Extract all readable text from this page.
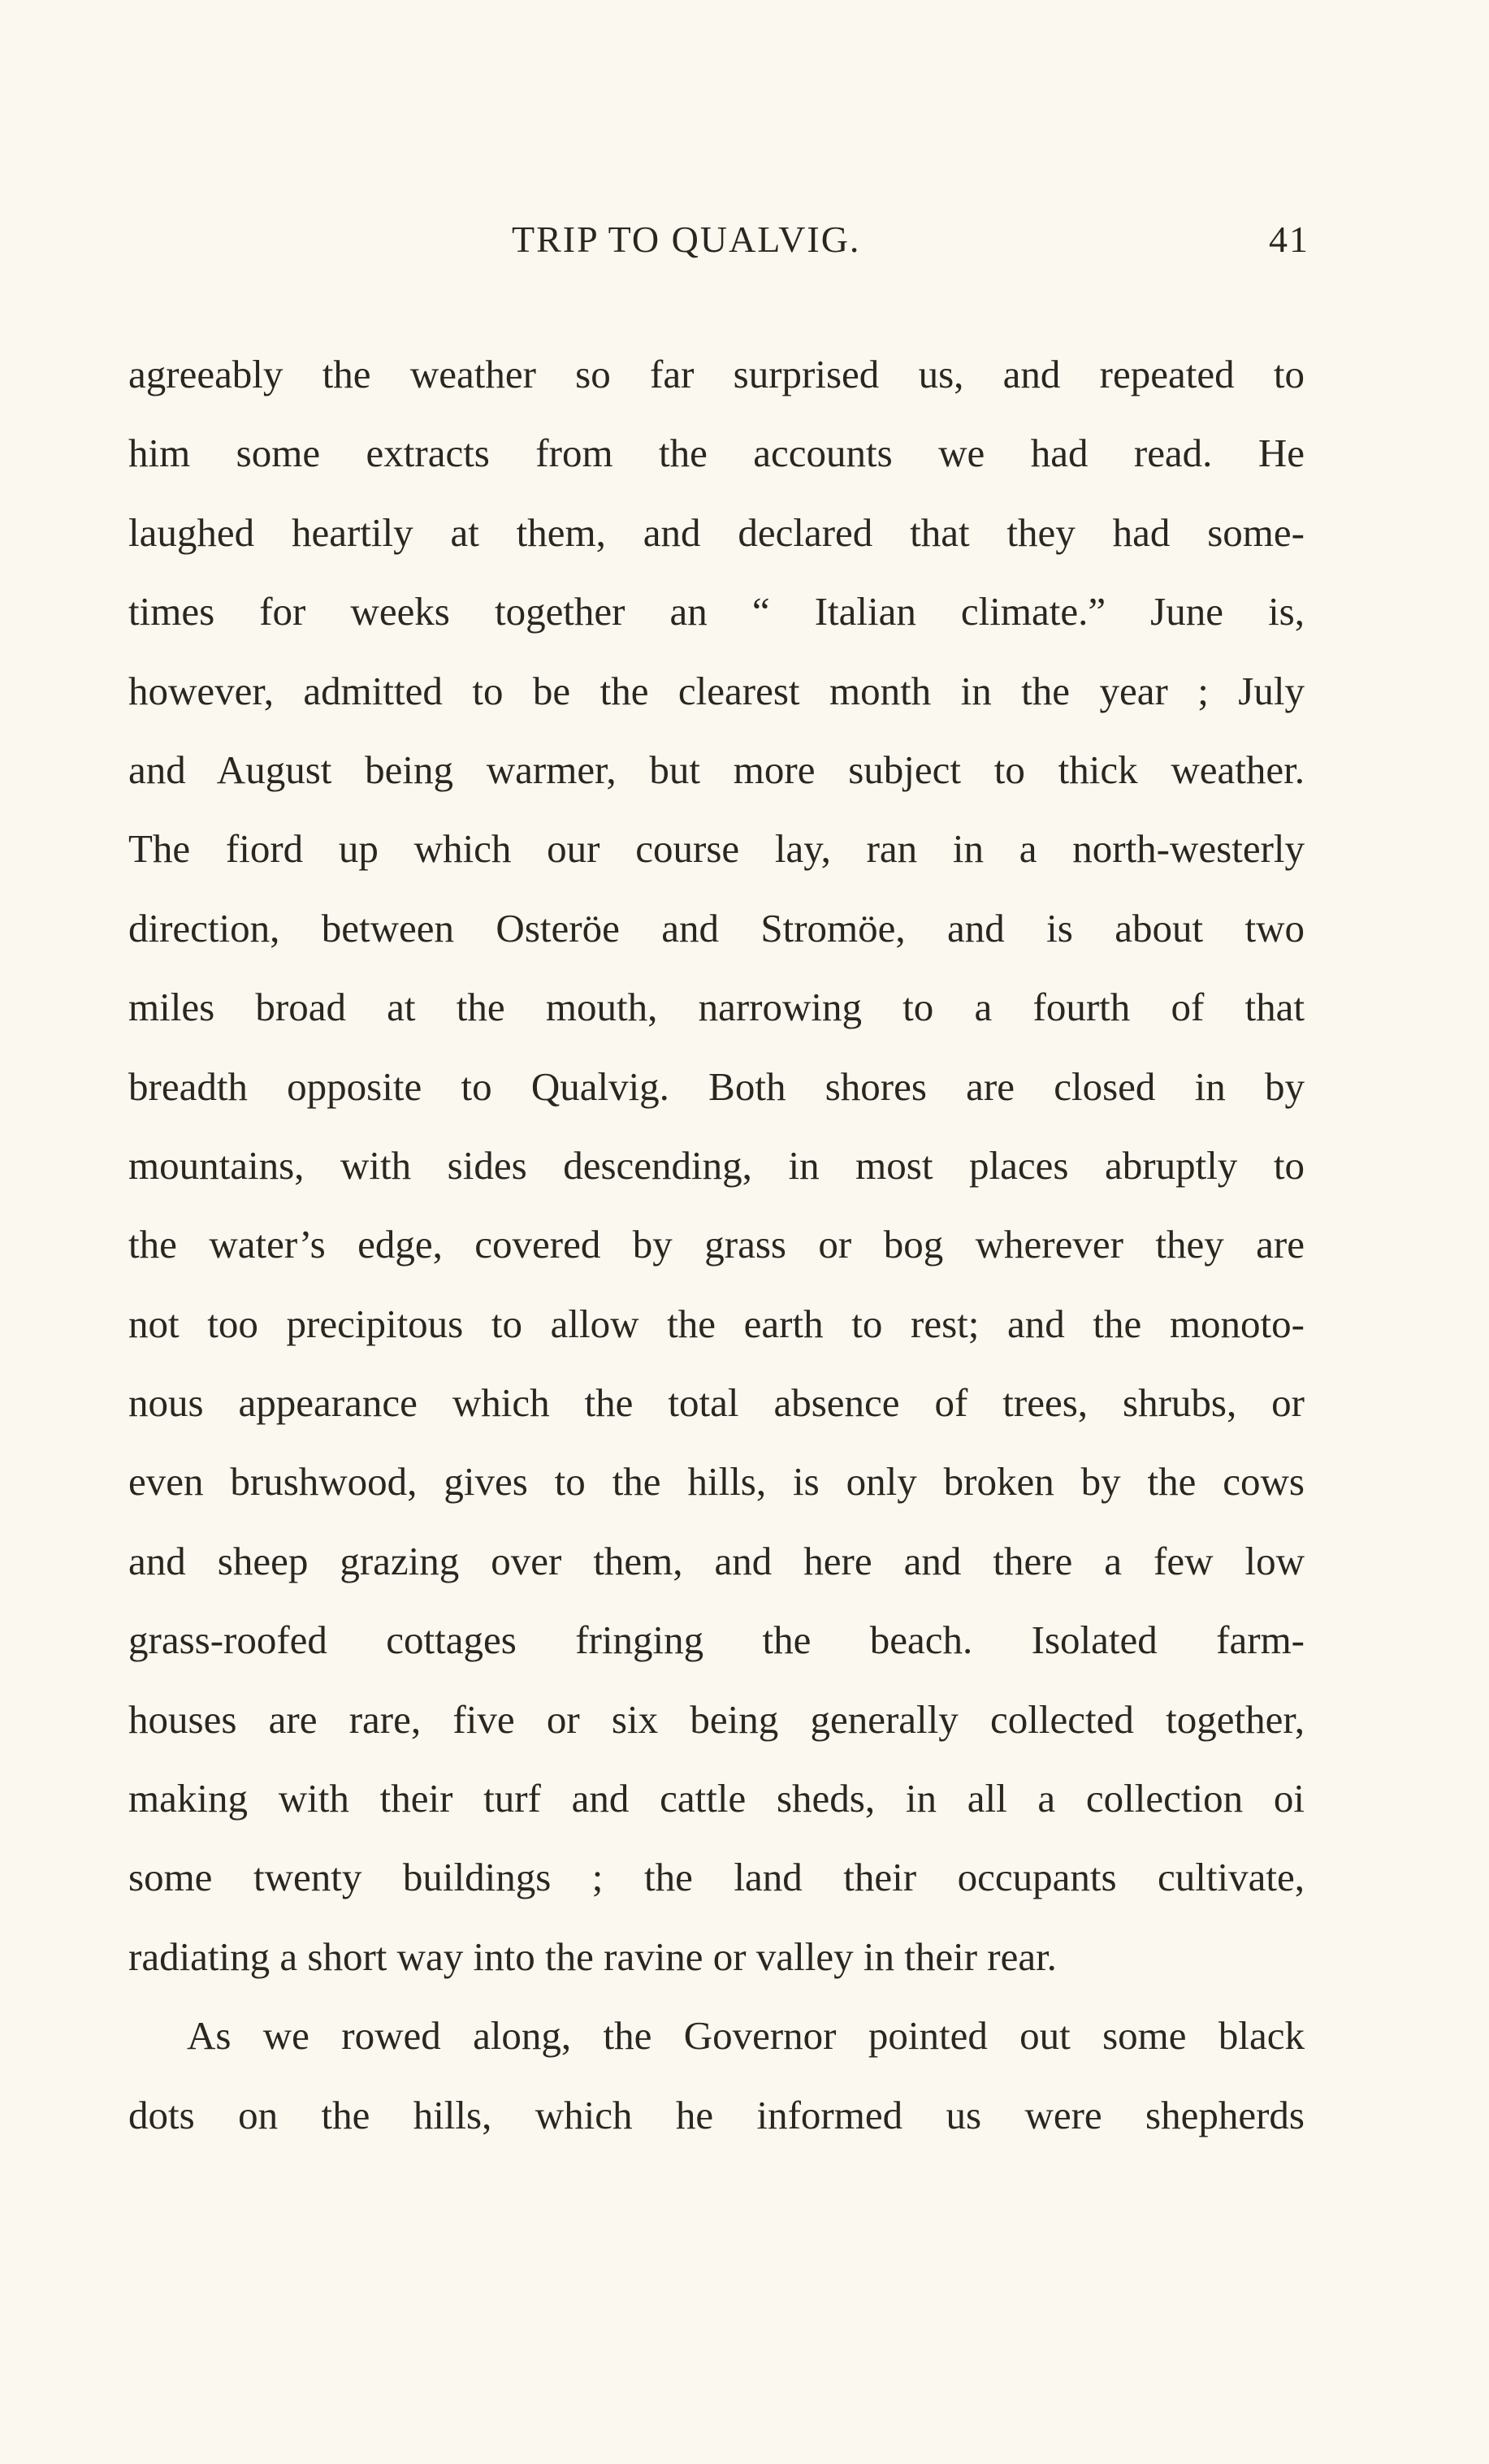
TRIP TO QUALVIG.	41
agreeably the weather so far surprised us, and repeated to
him some extracts from the accounts we had read. He
laughed heartily at them, and declared that they had some-
times for weeks together an “ Italian climate.” June is,
however, admitted to be the clearest month in the year ; July
and August being warmer, but more subject to thick weather.
The fiord up which our course lay, ran in a north-westerly
direction, between Osteröe and Stromöe, and is about two
miles broad at the mouth, narrowing to a fourth of that
breadth opposite to Qualvig. Both shores are closed in by
mountains, with sides descending, in most places abruptly to
the water’s edge, covered by grass or bog wherever they are
not too precipitous to allow the earth to rest; and the monoto-
nous appearance which the total absence of trees, shrubs, or
even brushwood, gives to the hills, is only broken by the cows
and sheep grazing over them, and here and there a few low
grass-roofed cottages fringing the beach. Isolated farm-
houses are rare, five or six being generally collected together,
making with their turf and cattle sheds, in all a collection oi
some twenty buildings ; the land their occupants cultivate,
radiating a short way into the ravine or valley in their rear.
As we rowed along, the Governor pointed out some black
dots on the hills, which he informed us were shepherds
